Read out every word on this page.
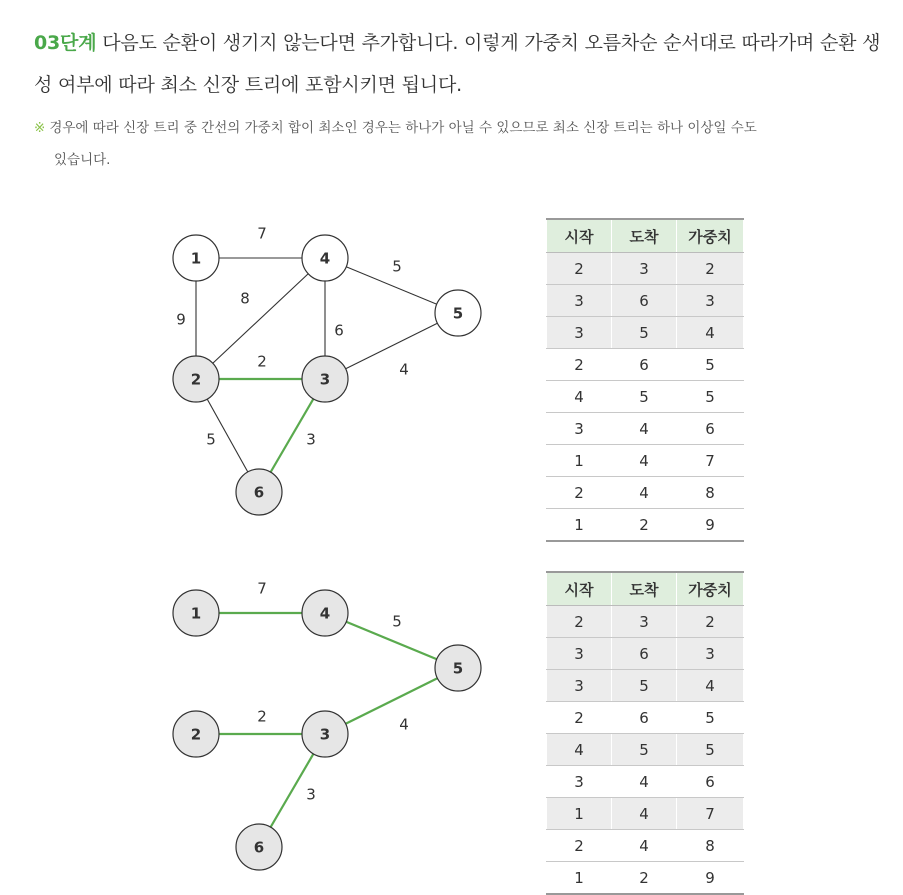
03단계 다음도 순환이 생기지 않는다면 추가합니다. 이렇게 가중치 오름차순 순서대로 따라가며 순환 생성 여부에 따라 최소 신장 트리에 포함시키면 됩니다.
※ 경우에 따라 신장 트리 중 간선의 가중치 합이 최소인 경우는 하나가 아닐 수 있으므로 최소 신장 트리는 하나 이상일 수도
있습니다.
7
9
8
5
6
2	4
5	3
1
2	3
4
5
6
7
5
2	4
3
1
2	3
4
5
6
시작	도착	가중치
2	3	2
3	6	3
3	5	4
2	6	5
4	5	5
3	4	6
1	4	7
2	4	8
1	2	9
시작	도착	가중치
2	3	2
3	6	3
3	5	4
2	6	5
4	5	5
3	4	6
1	4	7
2	4	8
1	2	9
